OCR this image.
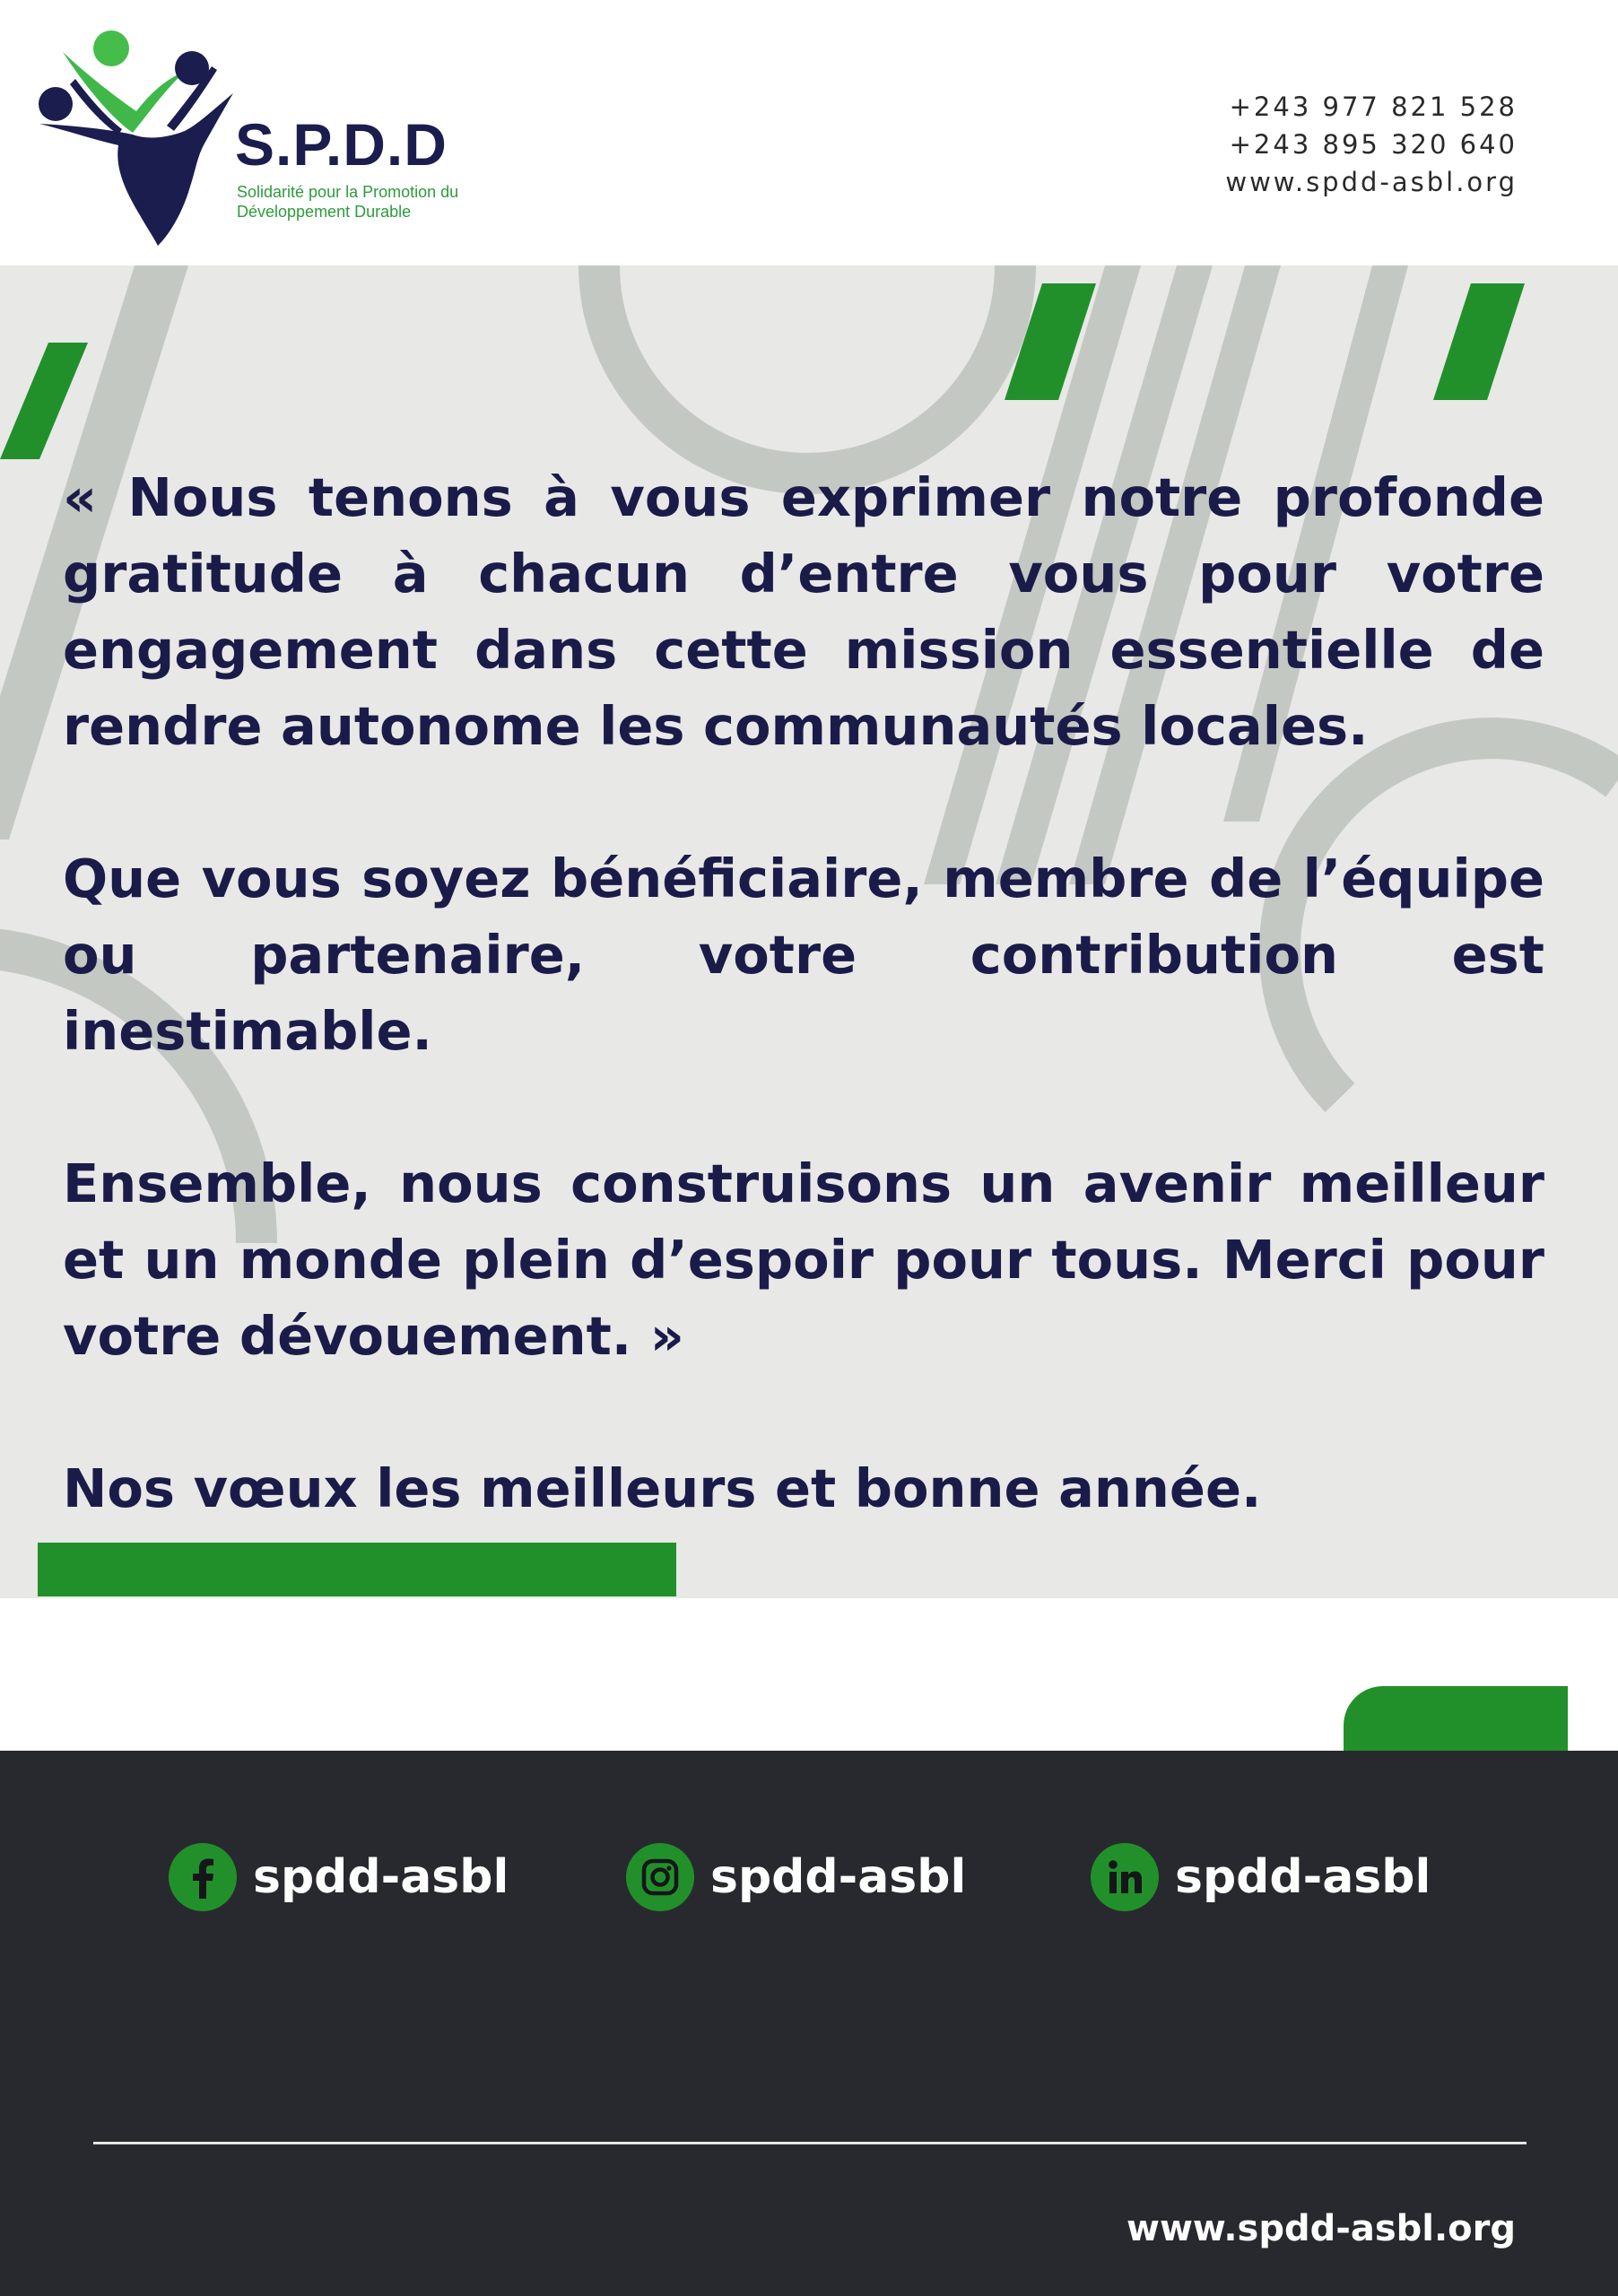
S.P.D.D
Solidarité pour la Promotion du
Développement Durable
+243 977 821 528
+243 895 320 640
www.spdd-asbl.org

« Nous tenons à vous exprimer notre profonde gratitude à chacun d’entre vous pour votre engagement dans cette mission essentielle de rendre autonome les communautés locales.

Que vous soyez bénéficiaire, membre de l’équipe ou partenaire, votre contribution est inestimable.

Ensemble, nous construisons un avenir meilleur et un monde plein d’espoir pour tous. Merci pour votre dévouement. »

Nos vœux les meilleurs et bonne année.

spdd-asbl	spdd-asbl	spdd-asbl
www.spdd-asbl.org
